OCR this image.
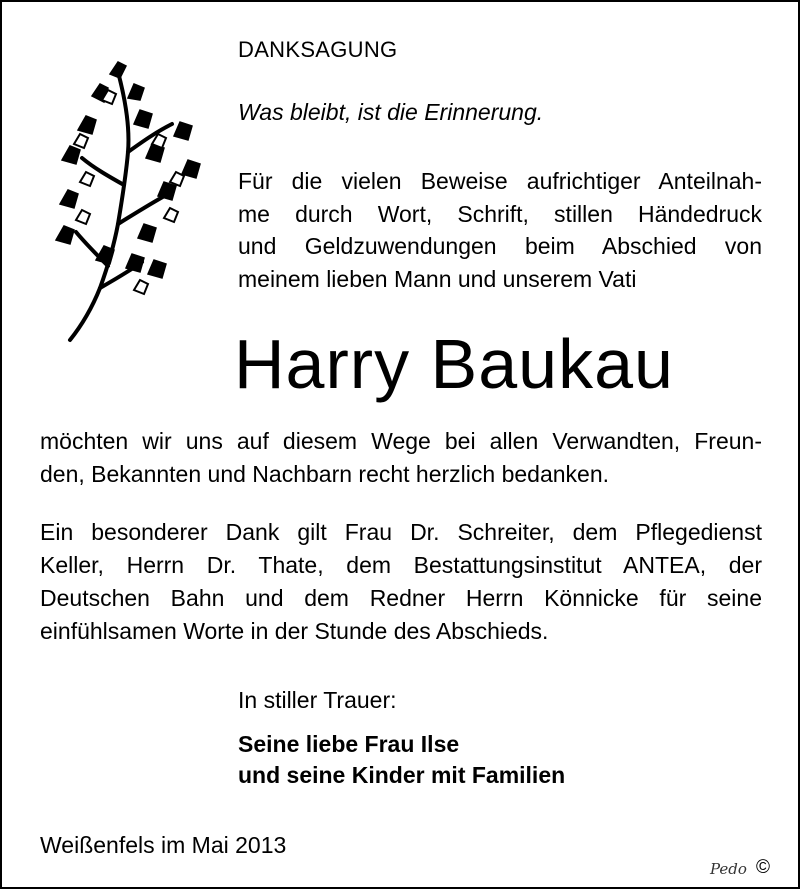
DANKSAGUNG
Was bleibt, ist die Erinnerung.
Für die vielen Beweise aufrichtiger Anteilnah-
me durch Wort, Schrift, stillen Händedruck
und Geldzuwendungen beim Abschied von
meinem lieben Mann und unserem Vati
Harry Baukau
möchten wir uns auf diesem Wege bei allen Verwandten, Freun-
den, Bekannten und Nachbarn recht herzlich bedanken.
Ein besonderer Dank gilt Frau Dr. Schreiter, dem Pflegedienst
Keller, Herrn Dr. Thate, dem Bestattungsinstitut ANTEA, der
Deutschen Bahn und dem Redner Herrn Könnicke für seine
einfühlsamen Worte in der Stunde des Abschieds.
In stiller Trauer:
Seine liebe Frau Ilse
und seine Kinder mit Familien
Weißenfels im Mai 2013
Pedo ©
